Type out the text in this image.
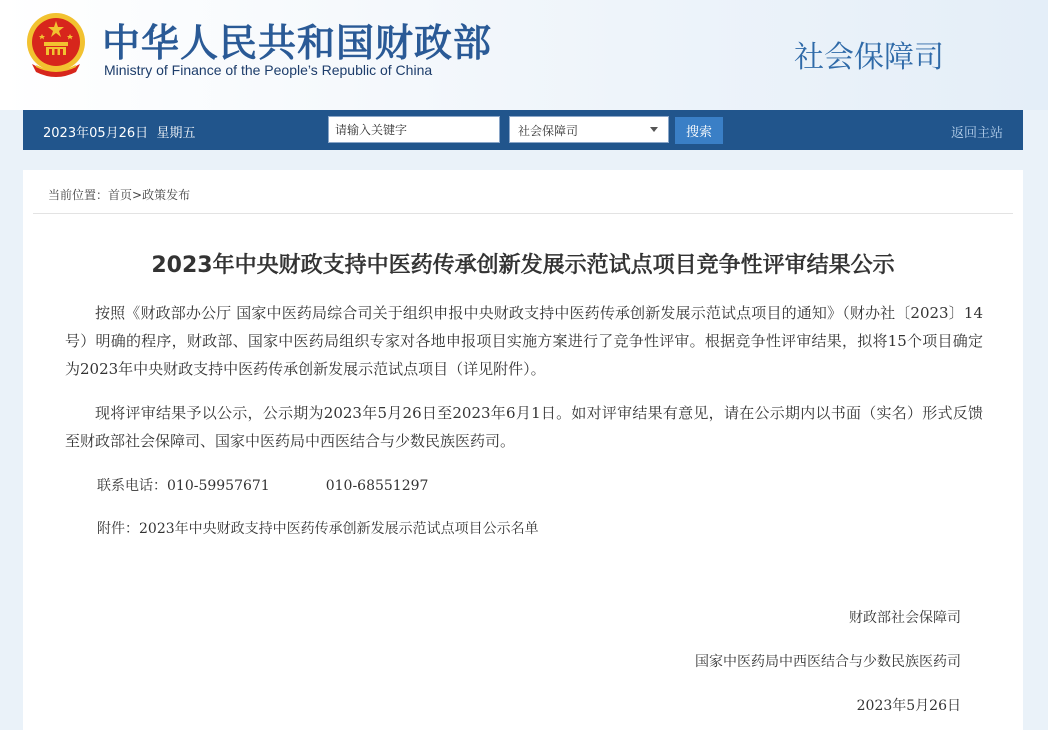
中华人民共和国财政部
Ministry of Finance of the People’s Republic of China	社会保障司
2023年05月26日 星期五
请输入关键字	社会保障司	搜索	返回主站
当前位置：首页>政策发布
2023年中央财政支持中医药传承创新发展示范试点项目竞争性评审结果公示
按照《财政部办公厅 国家中医药局综合司关于组织申报中央财政支持中医药传承创新发展示范试点项目的通知》（财办社〔2023〕14号）明确的程序，财政部、国家中医药局组织专家对各地申报项目实施方案进行了竞争性评审。根据竞争性评审结果，拟将15个项目确定为2023年中央财政支持中医药传承创新发展示范试点项目（详见附件）。
现将评审结果予以公示，公示期为2023年5月26日至2023年6月1日。如对评审结果有意见，请在公示期内以书面（实名）形式反馈至财政部社会保障司、国家中医药局中西医结合与少数民族医药司。
联系电话：010-59957671	010-68551297
附件：2023年中央财政支持中医药传承创新发展示范试点项目公示名单
财政部社会保障司
国家中医药局中西医结合与少数民族医药司
2023年5月26日
